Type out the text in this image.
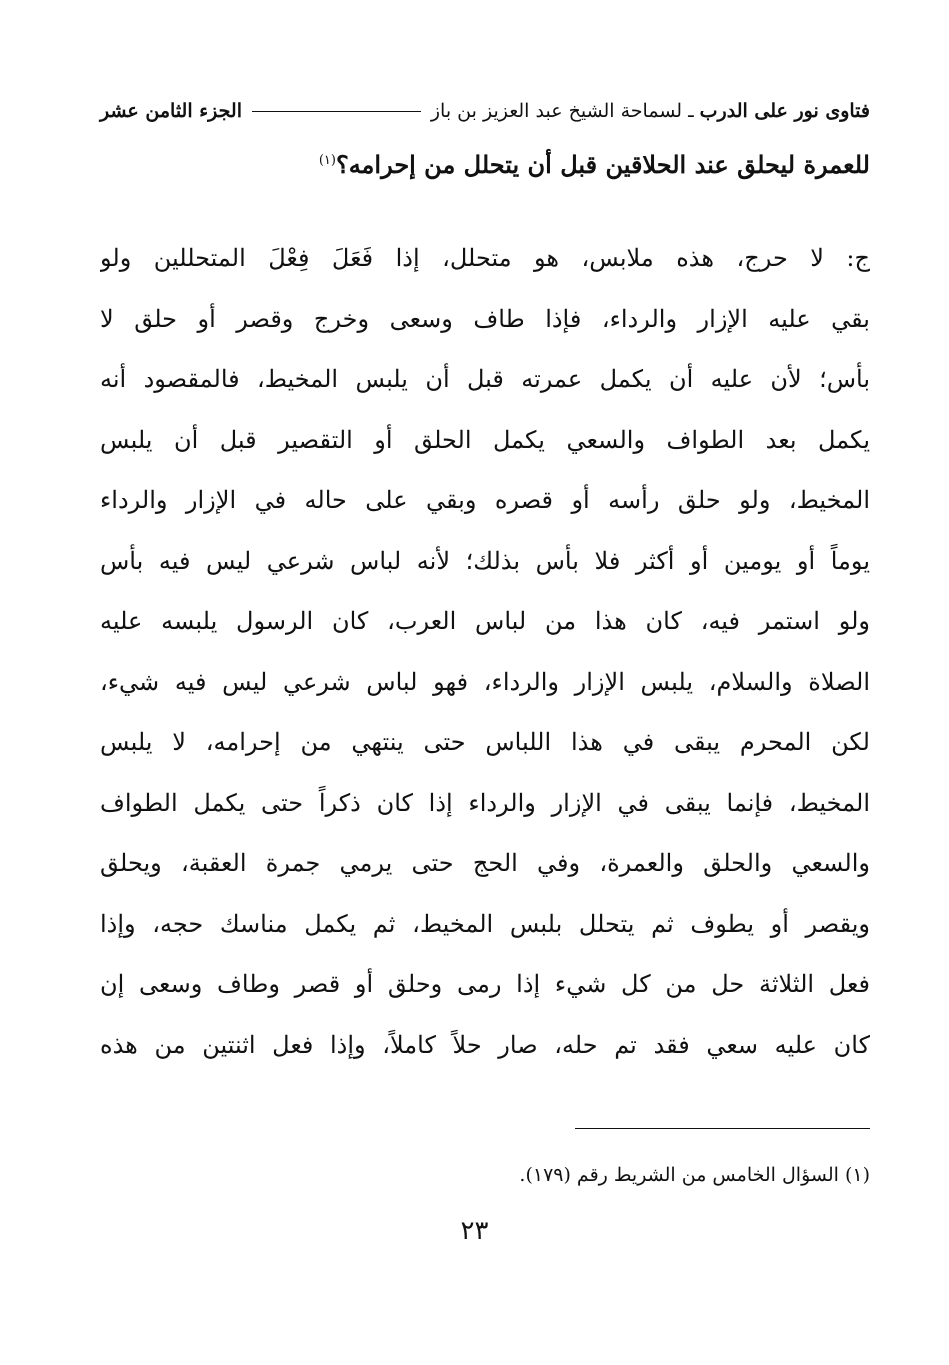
فتاوى نور على الدرب
ـ
لسماحة الشيخ عبد العزيز بن باز
الجزء الثامن عشر
للعمرة ليحلق عند الحلاقين قبل أن يتحلل من إحرامه؟$^{(١)}$
ج: لا حرج، هذه ملابس، هو متحلل، إذا فَعَلَ فِعْلَ المتحللين ولو
بقي عليه الإزار والرداء، فإذا طاف وسعى وخرج وقصر أو حلق لا
بأس؛ لأن عليه أن يكمل عمرته قبل أن يلبس المخيط، فالمقصود أنه
يكمل بعد الطواف والسعي يكمل الحلق أو التقصير قبل أن يلبس
المخيط، ولو حلق رأسه أو قصره وبقي على حاله في الإزار والرداء
يوماً أو يومين أو أكثر فلا بأس بذلك؛ لأنه لباس شرعي ليس فيه بأس
ولو استمر فيه، كان هذا من لباس العرب، كان الرسول يلبسه عليه
الصلاة والسلام، يلبس الإزار والرداء، فهو لباس شرعي ليس فيه شيء،
لكن المحرم يبقى في هذا اللباس حتى ينتهي من إحرامه، لا يلبس
المخيط، فإنما يبقى في الإزار والرداء إذا كان ذكراً حتى يكمل الطواف
والسعي والحلق والعمرة، وفي الحج حتى يرمي جمرة العقبة، ويحلق
ويقصر أو يطوف ثم يتحلل بلبس المخيط، ثم يكمل مناسك حجه، وإذا
فعل الثلاثة حل من كل شيء إذا رمى وحلق أو قصر وطاف وسعى إن
كان عليه سعي فقد تم حله، صار حلاً كاملاً، وإذا فعل اثنتين من هذه
(١) السؤال الخامس من الشريط رقم (١٧٩).
٢٣
